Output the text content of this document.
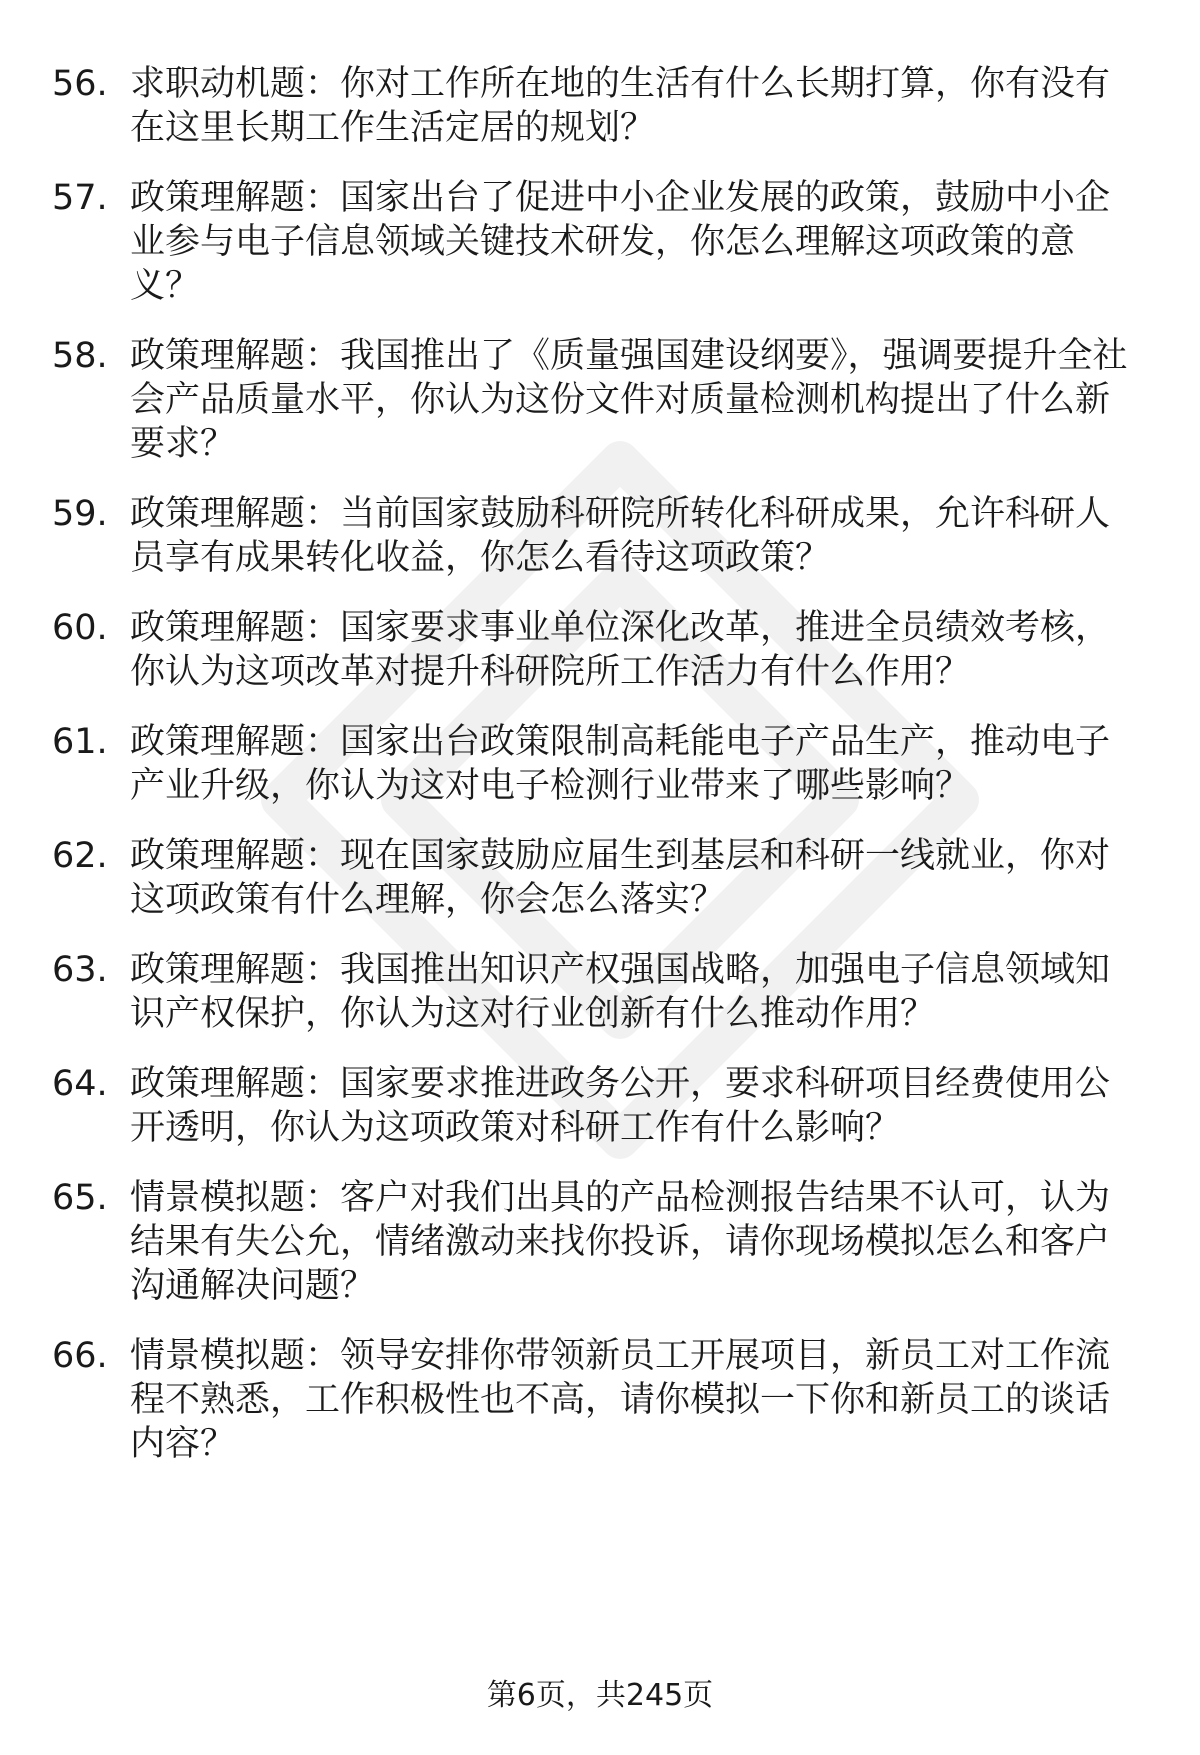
56. 求职动机题：你对工作所在地的生活有什么长期打算，你有没有在这里长期工作生活定居的规划？
57. 政策理解题：国家出台了促进中小企业发展的政策，鼓励中小企业参与电子信息领域关键技术研发，你怎么理解这项政策的意义？
58. 政策理解题：我国推出了《质量强国建设纲要》，强调要提升全社会产品质量水平，你认为这份文件对质量检测机构提出了什么新要求？
59. 政策理解题：当前国家鼓励科研院所转化科研成果，允许科研人员享有成果转化收益，你怎么看待这项政策？
60. 政策理解题：国家要求事业单位深化改革，推进全员绩效考核，你认为这项改革对提升科研院所工作活力有什么作用？
61. 政策理解题：国家出台政策限制高耗能电子产品生产，推动电子产业升级，你认为这对电子检测行业带来了哪些影响？
62. 政策理解题：现在国家鼓励应届生到基层和科研一线就业，你对这项政策有什么理解，你会怎么落实？
63. 政策理解题：我国推出知识产权强国战略，加强电子信息领域知识产权保护，你认为这对行业创新有什么推动作用？
64. 政策理解题：国家要求推进政务公开，要求科研项目经费使用公开透明，你认为这项政策对科研工作有什么影响？
65. 情景模拟题：客户对我们出具的产品检测报告结果不认可，认为结果有失公允，情绪激动来找你投诉，请你现场模拟怎么和客户沟通解决问题？
66. 情景模拟题：领导安排你带领新员工开展项目，新员工对工作流程不熟悉，工作积极性也不高，请你模拟一下你和新员工的谈话内容？
第6页，共245页
